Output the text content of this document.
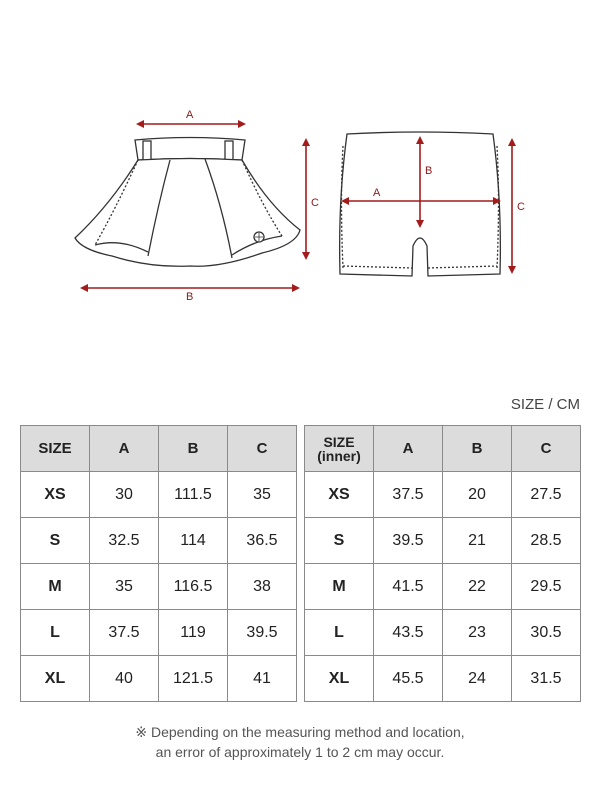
A
B
C
B
A
C
SIZE / CM
SIZE	A	B	C
XS	30	111.5	35
S	32.5	114	36.5
M	35	116.5	38
L	37.5	119	39.5
XL	40	121.5	41
SIZE
(inner)	A	B	C
XS	37.5	20	27.5
S	39.5	21	28.5
M	41.5	22	29.5
L	43.5	23	30.5
XL	45.5	24	31.5
※ Depending on the measuring method and location,
an error of approximately 1 to 2 cm may occur.
